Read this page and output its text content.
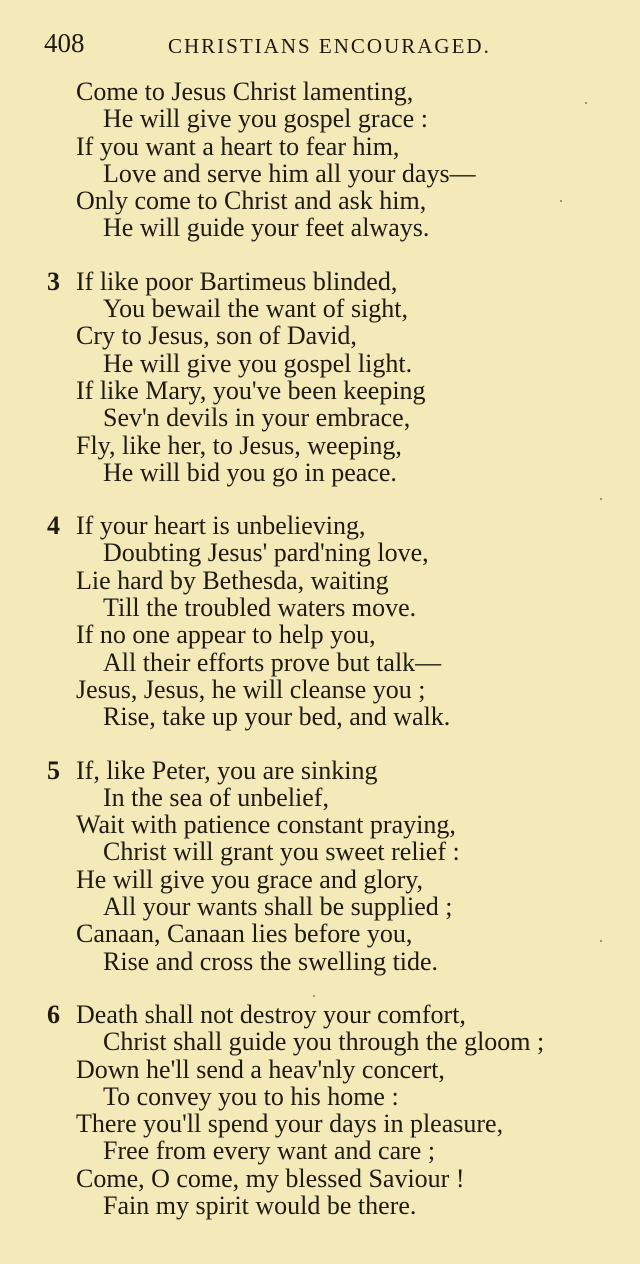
408	CHRISTIANS ENCOURAGED.
Come to Jesus Christ lamenting,
He will give you gospel grace :
If you want a heart to fear him,
Love and serve him all your days—
Only come to Christ and ask him,
He will guide your feet always.
3 If like poor Bartimeus blinded,
You bewail the want of sight,
Cry to Jesus, son of David,
He will give you gospel light.
If like Mary, you've been keeping
Sev'n devils in your embrace,
Fly, like her, to Jesus, weeping,
He will bid you go in peace.
4 If your heart is unbelieving,
Doubting Jesus' pard'ning love,
Lie hard by Bethesda, waiting
Till the troubled waters move.
If no one appear to help you,
All their efforts prove but talk—
Jesus, Jesus, he will cleanse you ;
Rise, take up your bed, and walk.
5 If, like Peter, you are sinking
In the sea of unbelief,
Wait with patience constant praying,
Christ will grant you sweet relief :
He will give you grace and glory,
All your wants shall be supplied ;
Canaan, Canaan lies before you,
Rise and cross the swelling tide.
6 Death shall not destroy your comfort,
Christ shall guide you through the gloom ;
Down he'll send a heav'nly concert,
To convey you to his home :
There you'll spend your days in pleasure,
Free from every want and care ;
Come, O come, my blessed Saviour !
Fain my spirit would be there.
